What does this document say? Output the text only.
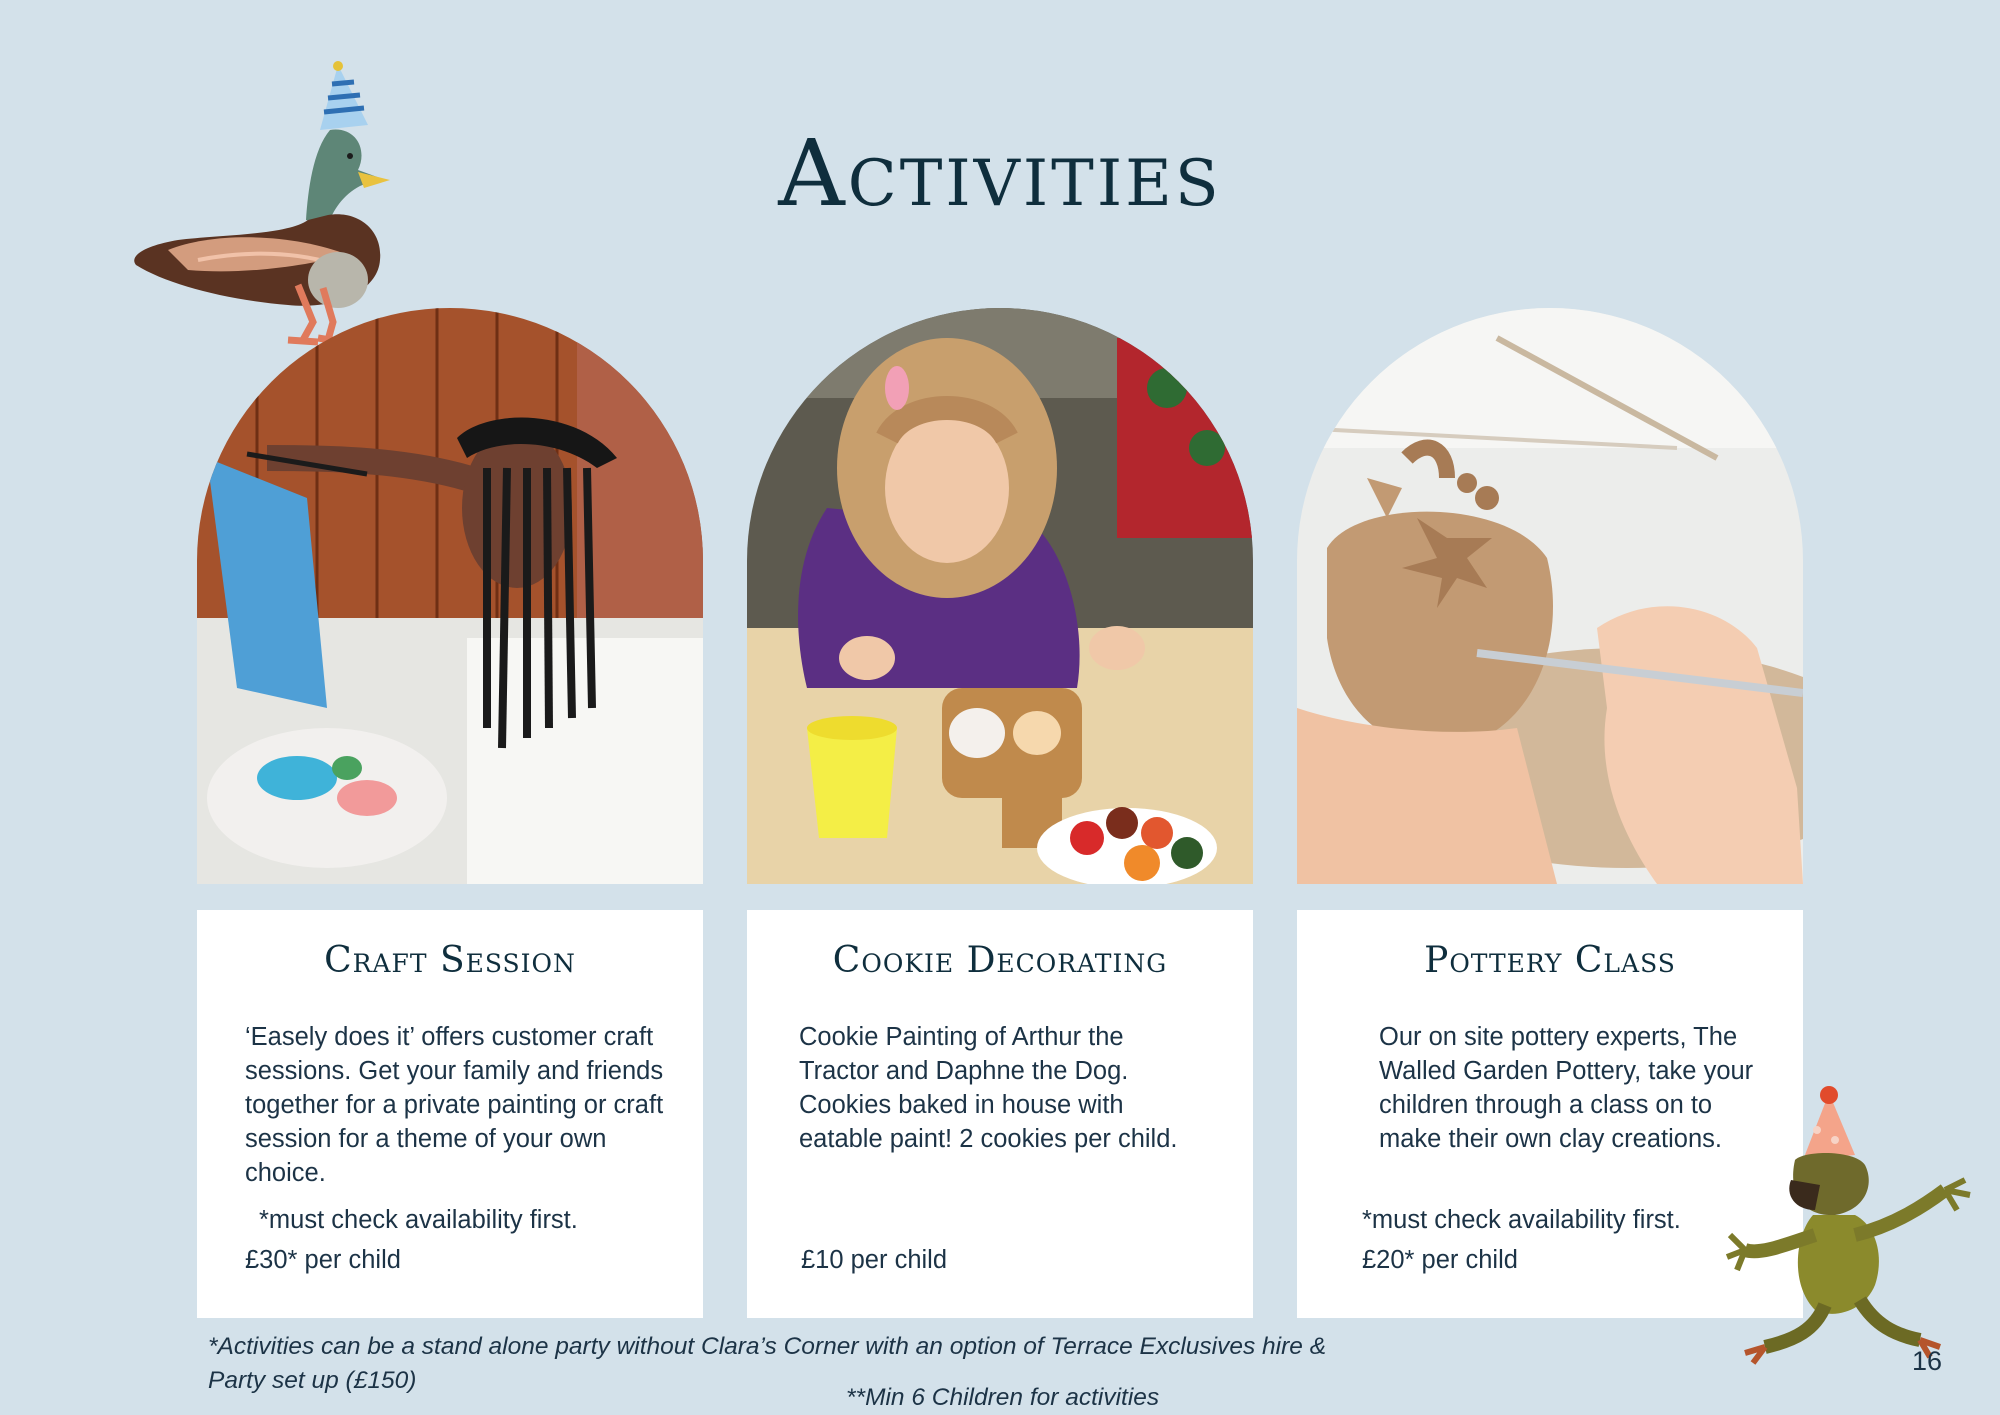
Activities
Craft Session
‘Easely does it’ offers customer craft sessions. Get your family and friends together for a private painting or craft session for a theme of your own choice.
*must check availability first.
£30* per child
Cookie Decorating
Cookie Painting of Arthur the Tractor and Daphne the Dog. Cookies baked in house with eatable paint! 2 cookies per child.
£10 per child
Pottery Class
Our on site pottery experts, The Walled Garden Pottery, take your children through a class on to make their own clay creations.
*must check availability first.
£20* per child
*Activities can be a stand alone party without Clara’s Corner with an option of Terrace Exclusives hire & Party set up (£150)
**Min 6 Children for activities
16
